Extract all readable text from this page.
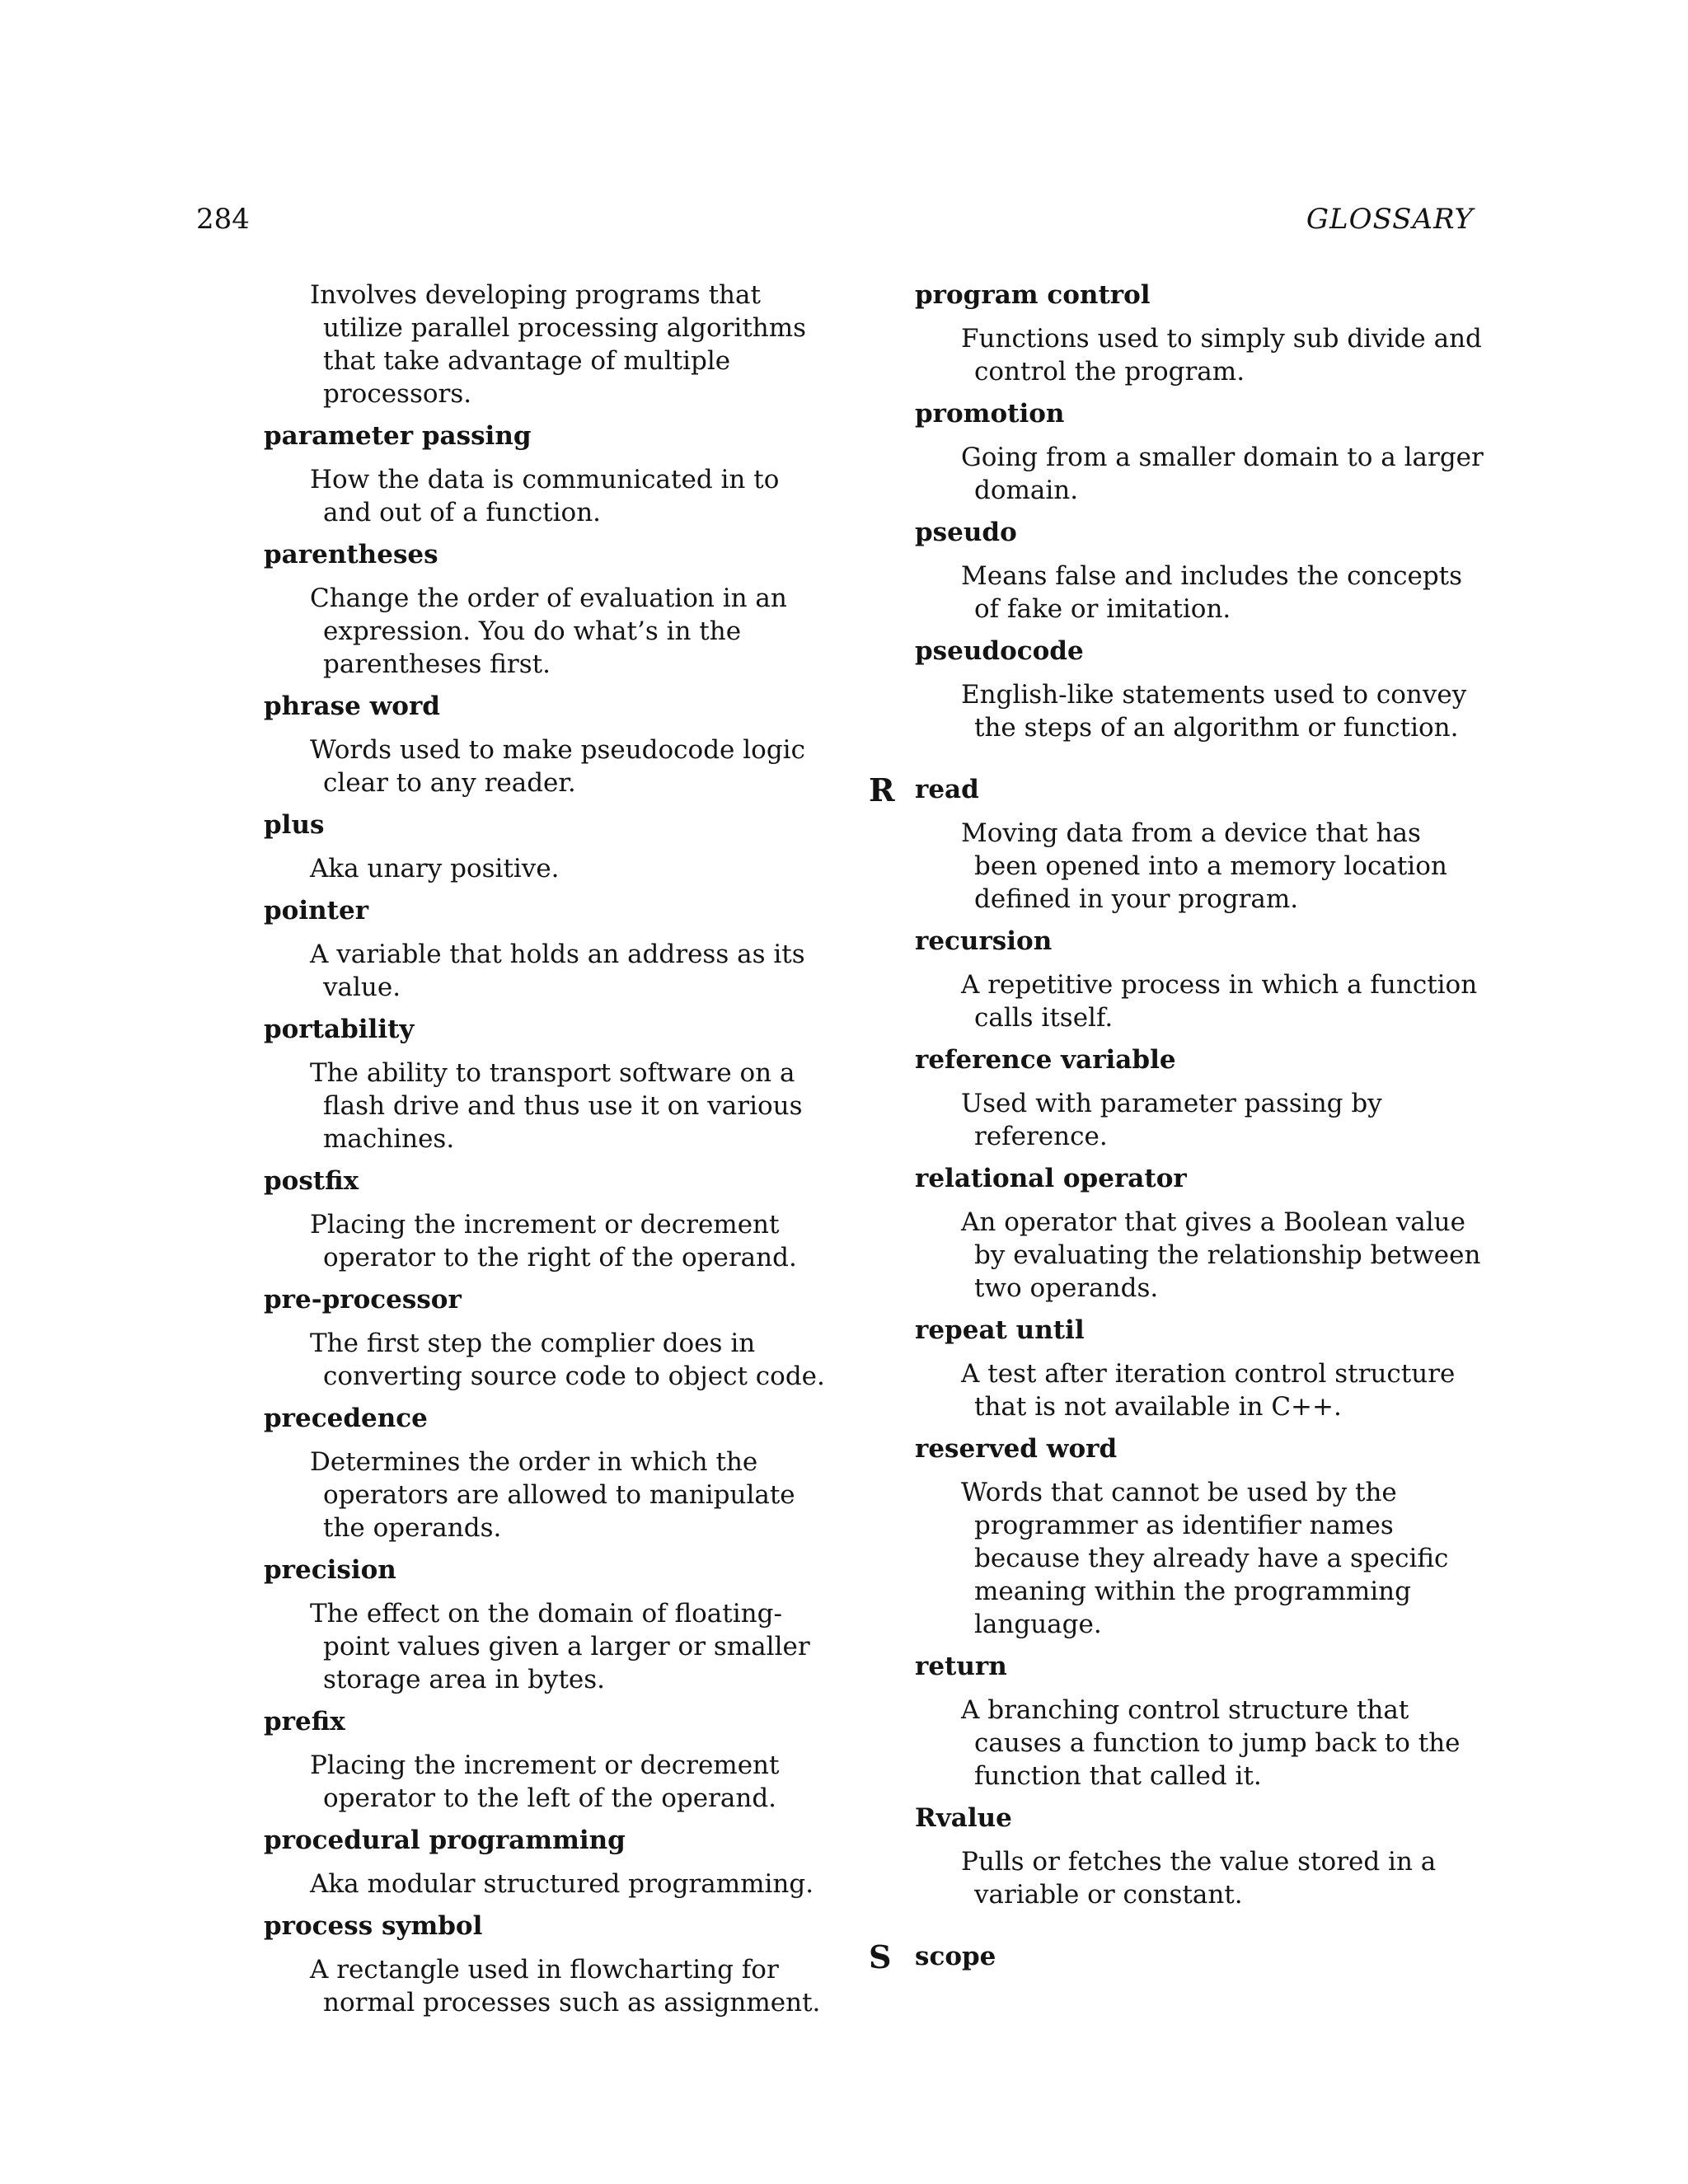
284	GLOSSARY

Involves developing programs that utilize parallel processing algorithms that take advantage of multiple processors.

parameter passing

How the data is communicated in to and out of a function.

parentheses

Change the order of evaluation in an expression. You do what’s in the parentheses first.

phrase word

Words used to make pseudocode logic clear to any reader.

plus

Aka unary positive.

pointer

A variable that holds an address as its value.

portability

The ability to transport software on a flash drive and thus use it on various machines.

postfix

Placing the increment or decrement operator to the right of the operand.

pre-processor

The first step the complier does in converting source code to object code.

precedence

Determines the order in which the operators are allowed to manipulate the operands.

precision

The effect on the domain of floating-point values given a larger or smaller storage area in bytes.

prefix

Placing the increment or decrement operator to the left of the operand.

procedural programming

Aka modular structured programming.

process symbol

A rectangle used in flowcharting for normal processes such as assignment.

program control

Functions used to simply sub divide and control the program.

promotion

Going from a smaller domain to a larger domain.

pseudo

Means false and includes the concepts of fake or imitation.

pseudocode

English-like statements used to convey the steps of an algorithm or function.

R read

Moving data from a device that has been opened into a memory location defined in your program.

recursion

A repetitive process in which a function calls itself.

reference variable

Used with parameter passing by reference.

relational operator

An operator that gives a Boolean value by evaluating the relationship between two operands.

repeat until

A test after iteration control structure that is not available in C++.

reserved word

Words that cannot be used by the programmer as identifier names because they already have a specific meaning within the programming language.

return

A branching control structure that causes a function to jump back to the function that called it.

Rvalue

Pulls or fetches the value stored in a variable or constant.

S scope
